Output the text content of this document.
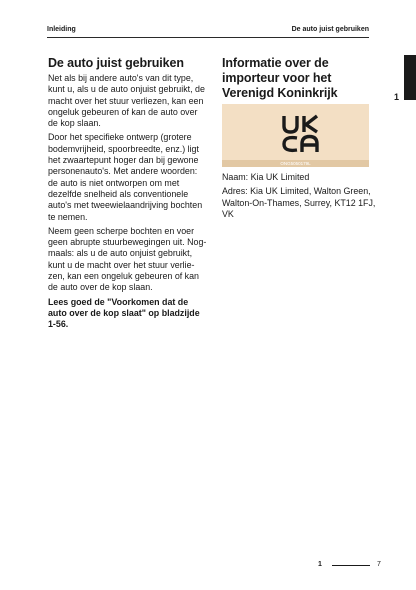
Inleiding	De auto juist gebruiken
De auto juist gebruiken

Net als bij andere auto's van dit type, kunt u, als u de auto onjuist gebruikt, de macht over het stuur verliezen, kan een ongeluk gebeuren of kan de auto over de kop slaan.

Door het specifieke ontwerp (grotere bodemvrijheid, spoorbreedte, enz.) ligt het zwaartepunt hoger dan bij gewone personenauto's. Met andere woorden: de auto is niet ontworpen om met dezelfde snelheid als conventionele auto's met tweewielaandrijving bochten te nemen.

Neem geen scherpe bochten en voer geen abrupte stuurbewegingen uit. Nog-maals: als u de auto onjuist gebruikt, kunt u de macht over het stuur verlie-zen, kan een ongeluk gebeuren of kan de auto over de kop slaan.

Lees goed de "Voorkomen dat de auto over de kop slaat" op bladzijde 1-56.

Informatie over de importeur voor het Verenigd Koninkrijk
ONG5050179L
Naam: Kia UK Limited
Adres: Kia UK Limited, Walton Green, Walton-On-Thames, Surrey, KT12 1FJ, VK
1
1	7
